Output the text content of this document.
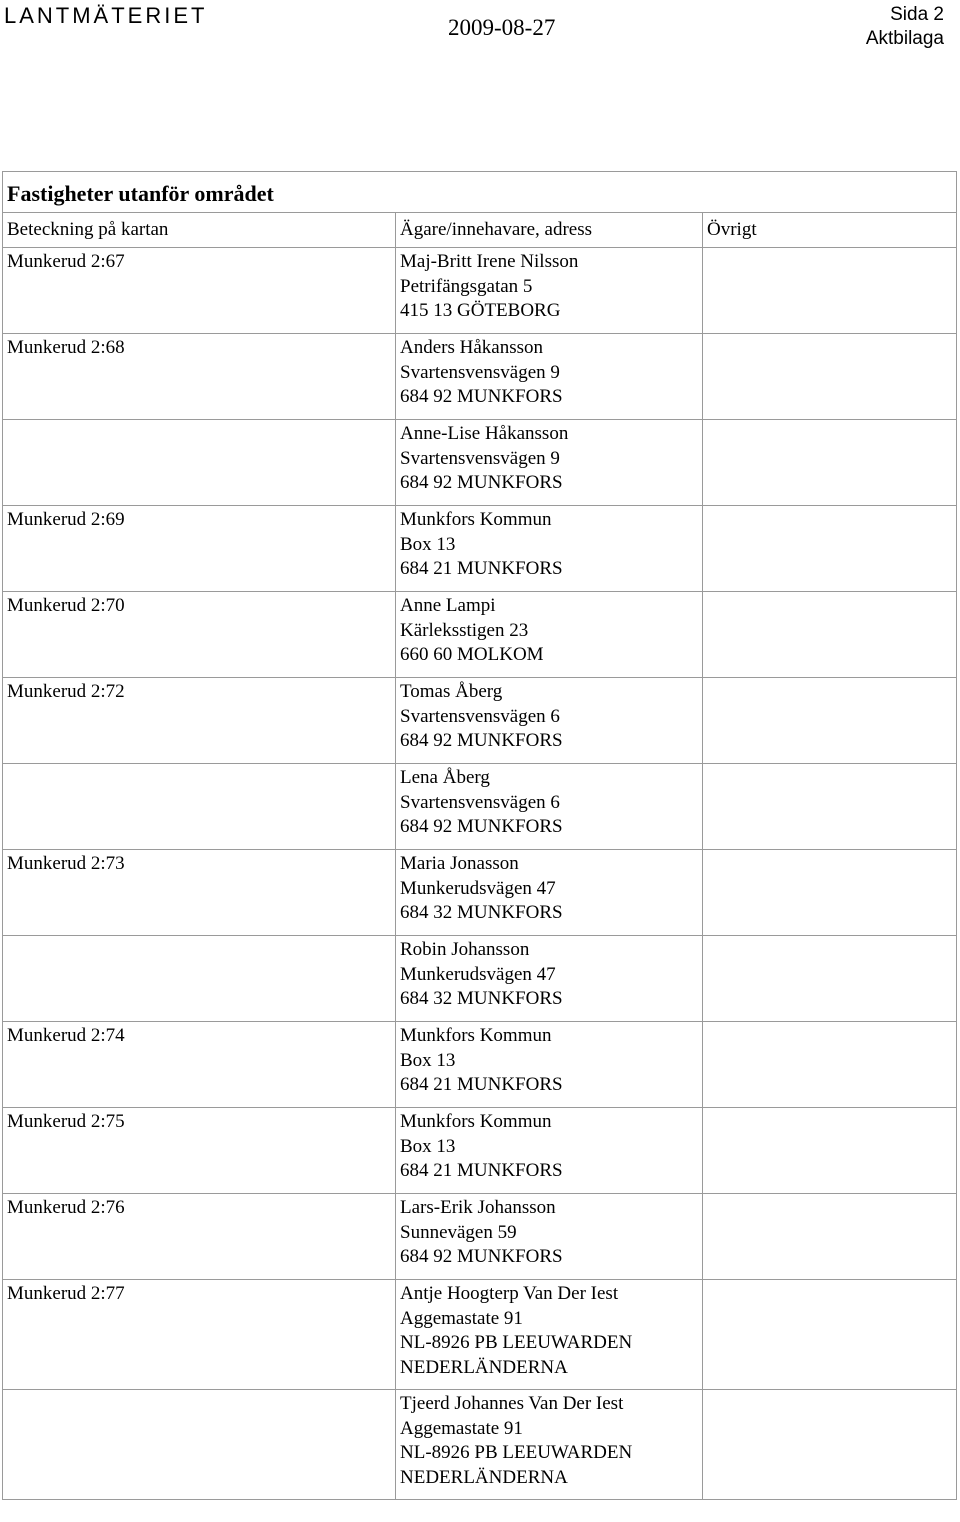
LANTMÄTERIET	2009-08-27
Sida 2
Aktbilaga
Fastigheter utanför området		
Beteckning på kartan	Ägare/innehavare, adress	Övrigt
Munkerud 2:67	Maj-Britt Irene Nilsson
Petrifängsgatan 5
415 13 GÖTEBORG	

Munkerud 2:68	Anders Håkansson
Svartensvensvägen 9
684 92 MUNKFORS	

	Anne-Lise Håkansson
Svartensvensvägen 9
684 92 MUNKFORS	

Munkerud 2:69	Munkfors Kommun
Box 13
684 21 MUNKFORS	

Munkerud 2:70	Anne Lampi
Kärleksstigen 23
660 60 MOLKOM	

Munkerud 2:72	Tomas Åberg
Svartensvensvägen 6
684 92 MUNKFORS	

	Lena Åberg
Svartensvensvägen 6
684 92 MUNKFORS	

Munkerud 2:73	Maria Jonasson
Munkerudsvägen 47
684 32 MUNKFORS	

	Robin Johansson
Munkerudsvägen 47
684 32 MUNKFORS	

Munkerud 2:74	Munkfors Kommun
Box 13
684 21 MUNKFORS	

Munkerud 2:75	Munkfors Kommun
Box 13
684 21 MUNKFORS	

Munkerud 2:76	Lars-Erik Johansson
Sunnevägen 59
684 92 MUNKFORS	

Munkerud 2:77	Antje Hoogterp Van Der Iest
Aggemastate 91
NL-8926 PB LEEUWARDEN
NEDERLÄNDERNA	

	Tjeerd Johannes Van Der Iest
Aggemastate 91
NL-8926 PB LEEUWARDEN
NEDERLÄNDERNA	
